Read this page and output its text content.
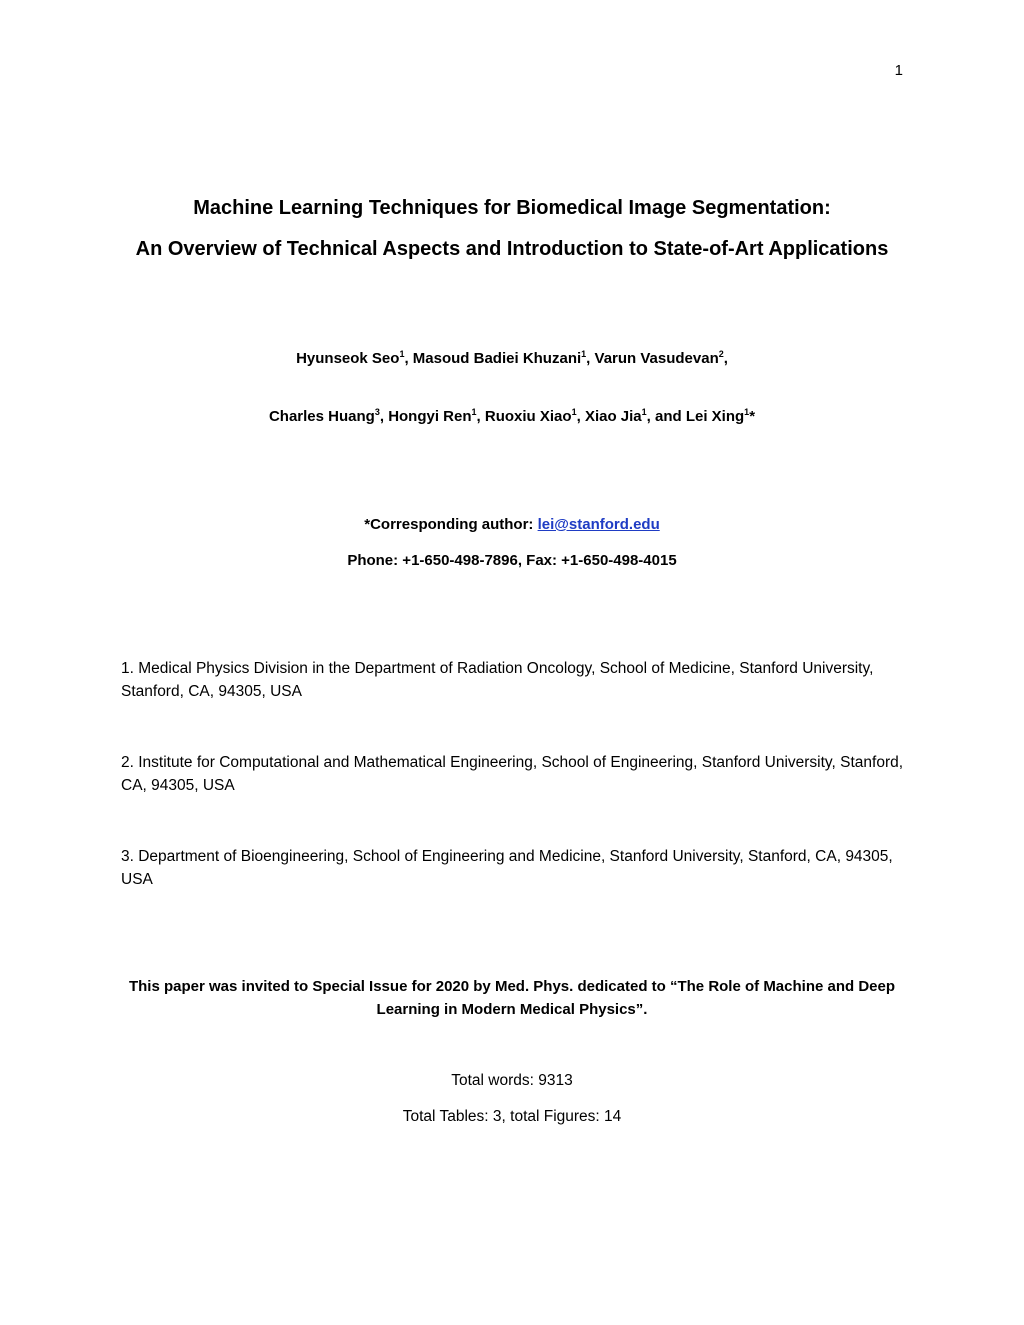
1
Machine Learning Techniques for Biomedical Image Segmentation:
An Overview of Technical Aspects and Introduction to State-of-Art Applications
Hyunseok Seo$^1$, Masoud Badiei Khuzani$^1$, Varun Vasudevan$^2$,
Charles Huang$^3$, Hongyi Ren$^1$, Ruoxiu Xiao$^1$, Xiao Jia$^1$, and Lei Xing$^1$*
*Corresponding author: lei@stanford.edu
Phone: +1-650-498-7896, Fax: +1-650-498-4015
1. Medical Physics Division in the Department of Radiation Oncology, School of Medicine, Stanford University, Stanford, CA, 94305, USA
2. Institute for Computational and Mathematical Engineering, School of Engineering, Stanford University, Stanford, CA, 94305, USA
3. Department of Bioengineering, School of Engineering and Medicine, Stanford University, Stanford, CA, 94305, USA
This paper was invited to Special Issue for 2020 by Med. Phys. dedicated to “The Role of Machine and Deep Learning in Modern Medical Physics”.
Total words: 9313
Total Tables: 3, total Figures: 14
